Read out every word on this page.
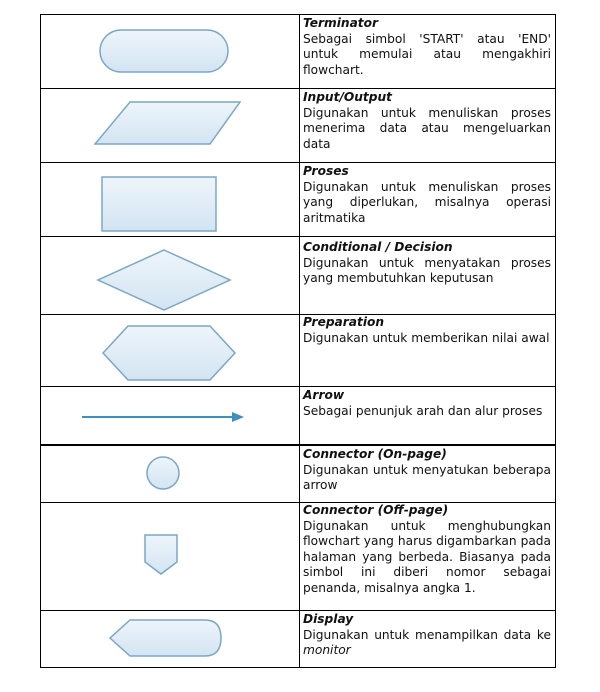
Terminator
Sebagai simbol 'START' atau 'END' untuk memulai atau mengakhiri flowchart.
Input/Output
Digunakan untuk menuliskan proses menerima data atau mengeluarkan data
Proses
Digunakan untuk menuliskan proses yang diperlukan, misalnya operasi aritmatika
Conditional / Decision
Digunakan untuk menyatakan proses yang membutuhkan keputusan
Preparation
Digunakan untuk memberikan nilai awal
Arrow
Sebagai penunjuk arah dan alur proses
Connector (On-page)
Digunakan untuk menyatukan beberapa arrow
Connector (Off-page)
Digunakan untuk menghubungkan flowchart yang harus digambarkan pada halaman yang berbeda. Biasanya pada simbol ini diberi nomor sebagai penanda, misalnya angka 1.
Display
Digunakan untuk menampilkan data ke monitor
